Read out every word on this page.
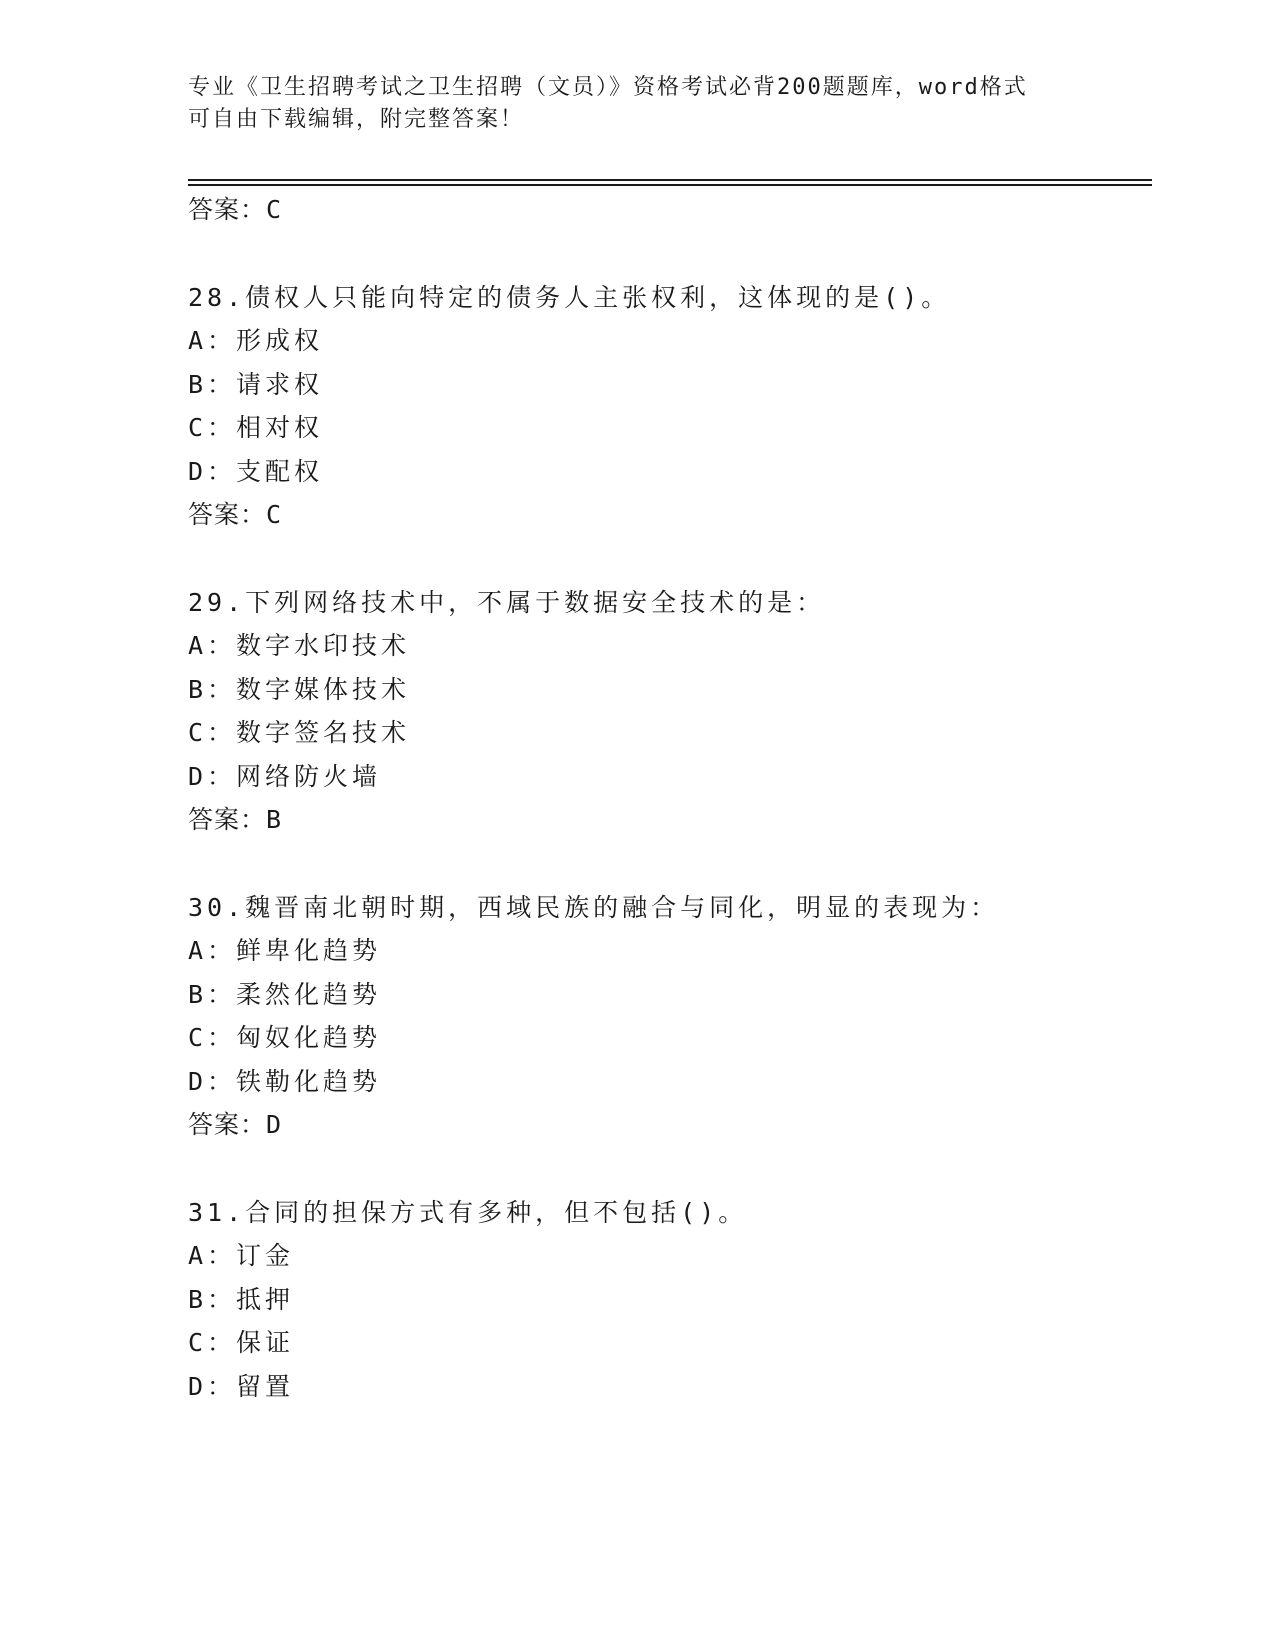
专业《卫生招聘考试之卫生招聘（文员）》资格考试必背200题题库，word格式
可自由下载编辑，附完整答案！
答案：C
28.债权人只能向特定的债务人主张权利，这体现的是()。
A：形成权
B：请求权
C：相对权
D：支配权
答案：C
29.下列网络技术中，不属于数据安全技术的是：
A：数字水印技术
B：数字媒体技术
C：数字签名技术
D：网络防火墙
答案：B
30.魏晋南北朝时期，西域民族的融合与同化，明显的表现为：
A：鲜卑化趋势
B：柔然化趋势
C：匈奴化趋势
D：铁勒化趋势
答案：D
31.合同的担保方式有多种，但不包括()。
A：订金
B：抵押
C：保证
D：留置
